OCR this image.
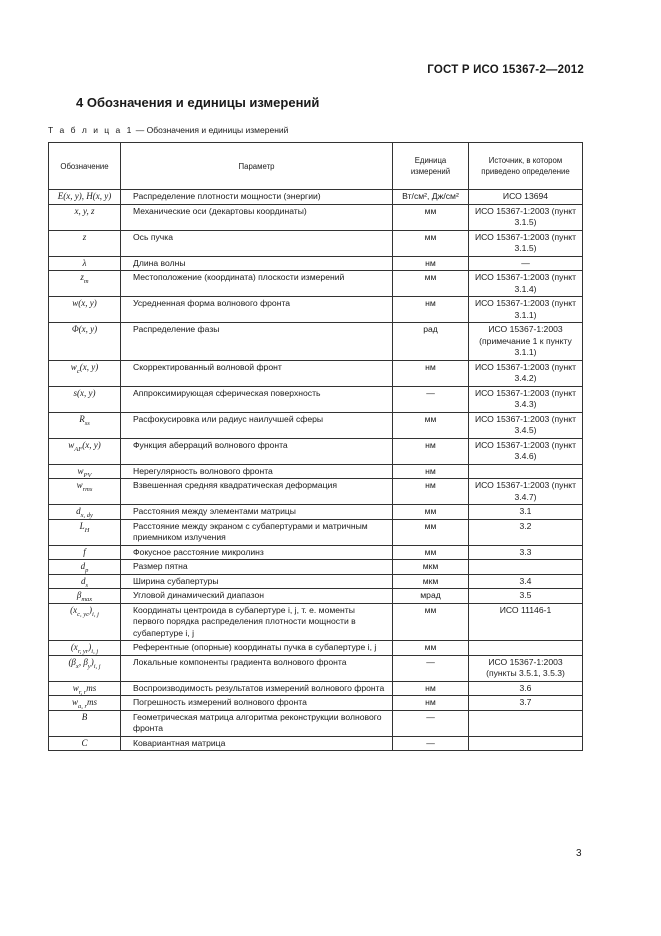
ГОСТ Р ИСО 15367-2—2012
4 Обозначения и единицы измерений
Т а б л и ц а 1 — Обозначения и единицы измерений
Обозначение	Параметр	Единица измерений	Источник, в котором приведено определение
E(x, y), H(x, y)	Распределение плотности мощности (энергии)	Вт/см², Дж/см²	ИСО 13694
x, y, z	Механические оси (декартовы координаты)	мм	ИСО 15367-1:2003 (пункт 3.1.5)
z	Ось пучка	мм	ИСО 15367-1:2003 (пункт 3.1.5)
λ	Длина волны	нм	—
$z_m$	Местоположение (координата) плоскости измерений	мм	ИСО 15367-1:2003 (пункт 3.1.4)
w(x, y)	Усредненная форма волнового фронта	нм	ИСО 15367-1:2003 (пункт 3.1.1)
Φ(x, y)	Распределение фазы	рад	ИСО 15367-1:2003 (примечание 1 к пункту 3.1.1)
$w_c(x$, y)	Скорректированный волновой фронт	нм	ИСО 15367-1:2003 (пункт 3.4.2)
s(x, y)	Аппроксимирующая сферическая поверхность	—	ИСО 15367-1:2003 (пункт 3.4.3)
$R_{ss}$	Расфокусировка или радиус наилучшей сферы	мм	ИСО 15367-1:2003 (пункт 3.4.5)
$w_{AF}(x$, y)	Функция аберраций волнового фронта	нм	ИСО 15367-1:2003 (пункт 3.4.6)
$w_{PV}$	Нерегулярность волнового фронта	нм	
$w_{rms}$	Взвешенная средняя квадратическая деформация	нм	ИСО 15367-1:2003 (пункт 3.4.7)
$d_{x, dy}$	Расстояния между элементами матрицы	мм	3.1
$L_H$	Расстояние между экраном с субапертурами и матричным приемником излучения	мм	3.2
f	Фокусное расстояние микролинз	мм	3.3
$d_p$	Размер пятна	мкм	
$d_s$	Ширина субапертуры	мкм	3.4
$\beta_{max}$	Угловой динамический диапазон	мрад	3.5
$(x_{c, yc})_{i, j}$	Координаты центроида в субапертуре i, j, т. е. моменты первого порядка распределения плотности мощности в субапертуре i, j	мм	ИСО 11146-1
$(x_{r, yr})_{i, j}$	Референтные (опорные) координаты пучка в субапертуре i, j	мм	
($\beta_x$, $\beta_y)_{i, j}$	Локальные компоненты градиента волнового фронта	—	ИСО 15367-1:2003 (пункты 3.5.1, 3.5.3)
$w_{r, r}ms$	Воспроизводимость результатов измерений волнового фронта	нм	3.6
$w_{a, r}ms$	Погрешность измерений волнового фронта	нм	3.7
B	Геометрическая матрица алгоритма реконструкции волнового фронта	—	
C	Ковариантная матрица	—	
3
